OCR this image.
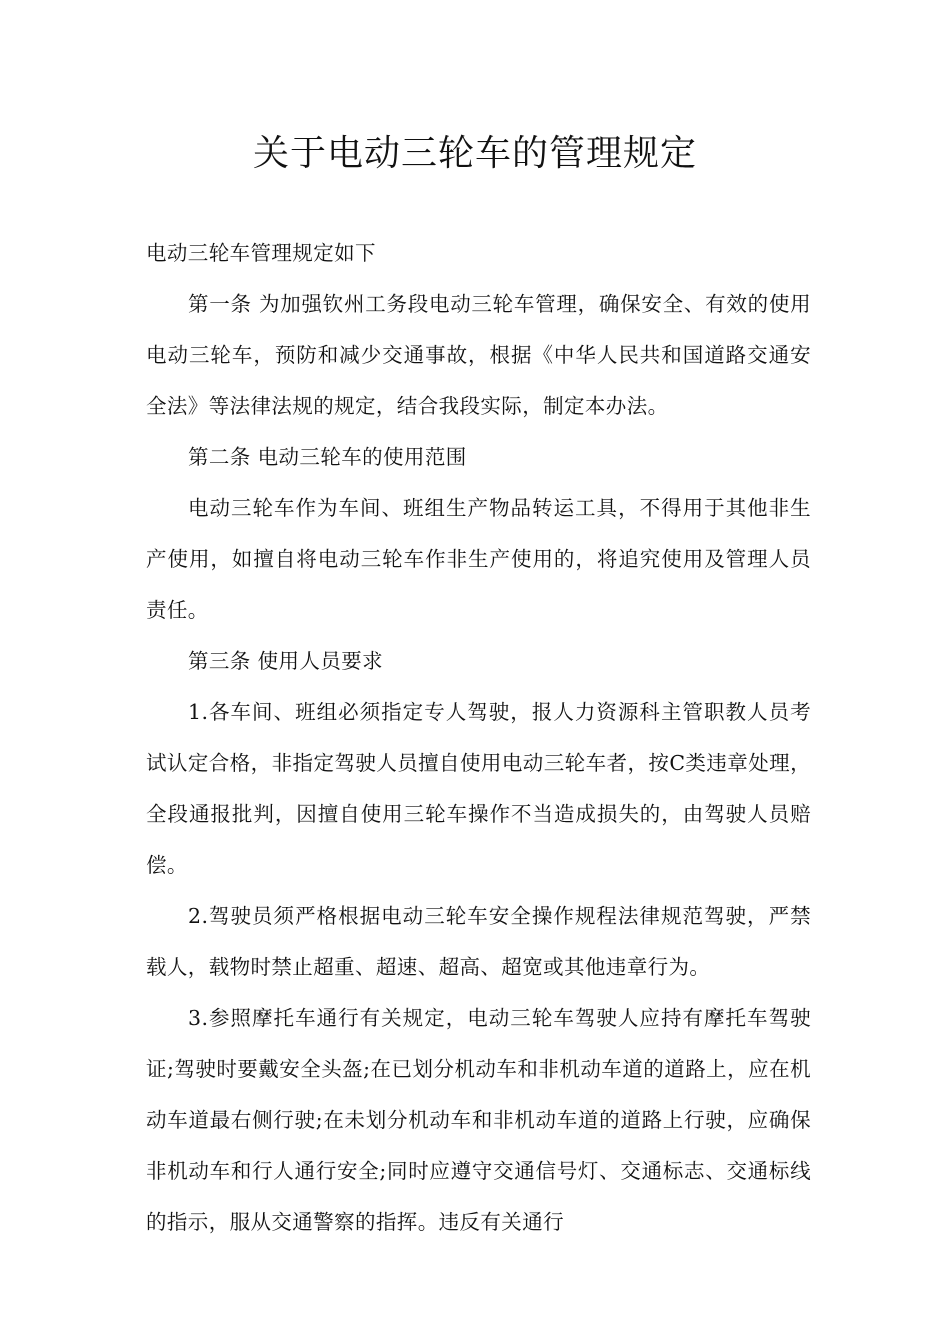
关于电动三轮车的管理规定

电动三轮车管理规定如下

第一条 为加强钦州工务段电动三轮车管理，确保安全、有效的使用电动三轮车，预防和减少交通事故，根据《中华人民共和国道路交通安全法》等法律法规的规定，结合我段实际，制定本办法。

第二条 电动三轮车的使用范围

电动三轮车作为车间、班组生产物品转运工具，不得用于其他非生产使用，如擅自将电动三轮车作非生产使用的，将追究使用及管理人员责任。

第三条 使用人员要求

1.各车间、班组必须指定专人驾驶，报人力资源科主管职教人员考试认定合格，非指定驾驶人员擅自使用电动三轮车者，按C类违章处理，全段通报批判，因擅自使用三轮车操作不当造成损失的，由驾驶人员赔偿。

2.驾驶员须严格根据电动三轮车安全操作规程法律规范驾驶，严禁载人，载物时禁止超重、超速、超高、超宽或其他违章行为。

3.参照摩托车通行有关规定，电动三轮车驾驶人应持有摩托车驾驶证;驾驶时要戴安全头盔;在已划分机动车和非机动车道的道路上，应在机动车道最右侧行驶;在未划分机动车和非机动车道的道路上行驶，应确保非机动车和行人通行安全;同时应遵守交通信号灯、交通标志、交通标线的指示，服从交通警察的指挥。违反有关通行
